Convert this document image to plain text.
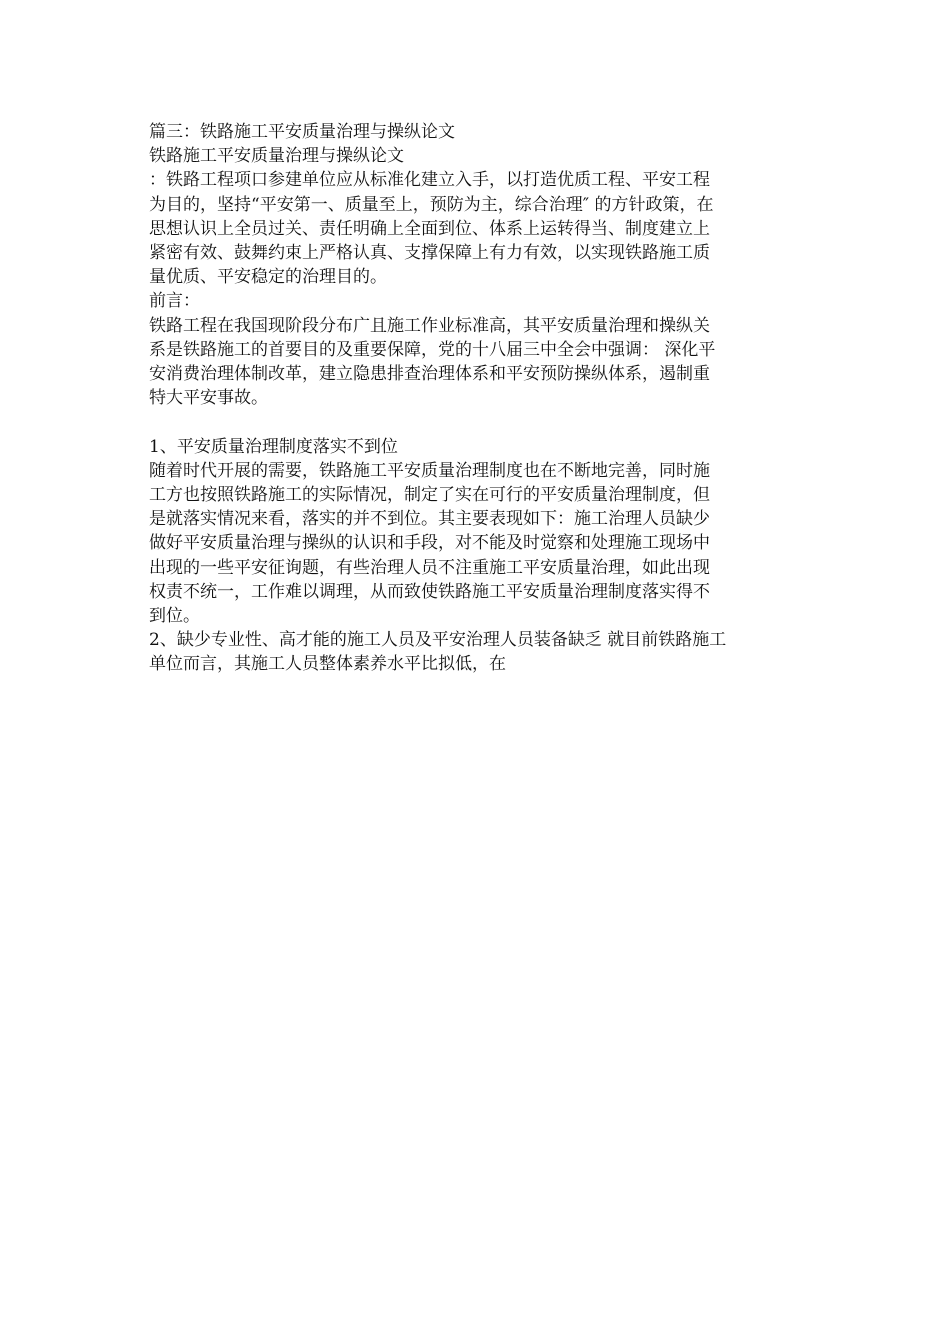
篇三：铁路施工平安质量治理与操纵论文
铁路施工平安质量治理与操纵论文
：铁路工程项口参建单位应从标准化建立入手，以打造优质工程、平安工程
为目的，坚持“平安第一、质量至上，预防为主，综合治理″ 的方针政策，在
思想认识上全员过关、责任明确上全面到位、体系上运转得当、制度建立上
紧密有效、鼓舞约束上严格认真、支撑保障上有力有效，以实现铁路施工质
量优质、平安稳定的治理目的。
前言：
铁路工程在我国现阶段分布广且施工作业标准高，其平安质量治理和操纵关
系是铁路施工的首要目的及重要保障，党的十八届三中全会中强调： 深化平
安消费治理体制改革，建立隐患排查治理体系和平安预防操纵体系，遏制重
特大平安事故。
1、平安质量治理制度落实不到位
随着时代开展的需要，铁路施工平安质量治理制度也在不断地完善，同时施
工方也按照铁路施工的实际情况，制定了实在可行的平安质量治理制度，但
是就落实情况来看，落实的并不到位。其主要表现如下：施工治理人员缺少
做好平安质量治理与操纵的认识和手段，对不能及时觉察和处理施工现场中
出现的一些平安征询题，有些治理人员不注重施工平安质量治理，如此出现
权责不统一，工作难以调理，从而致使铁路施工平安质量治理制度落实得不
到位。
2、缺少专业性、高才能的施工人员及平安治理人员装备缺乏 就目前铁路施工
单位而言，其施工人员整体素养水平比拟低，在
